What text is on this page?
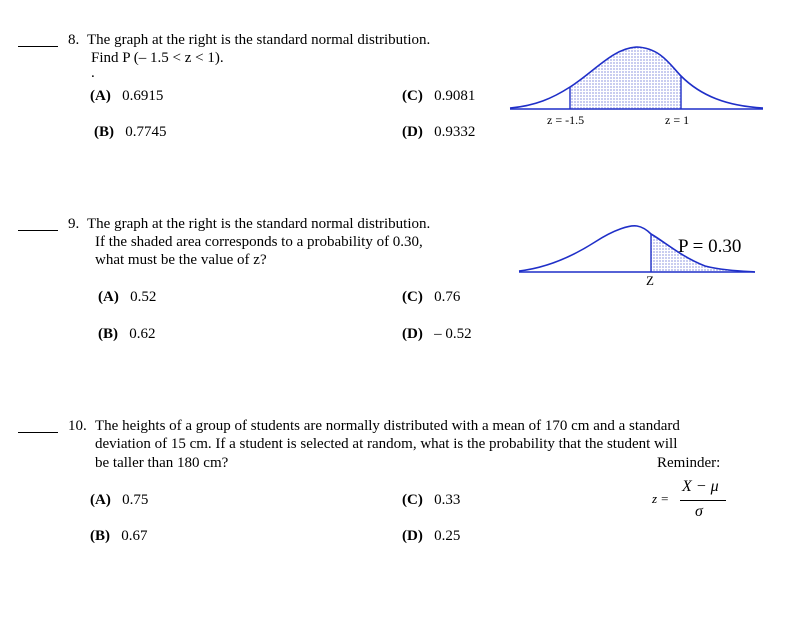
8. The graph at the right is the standard normal distribution.
Find P (– 1.5 < z < 1).
.
(A) 0.6915
(B) 0.7745
(C) 0.9081
(D) 0.9332
z = -1.5	z = 1
9. The graph at the right is the standard normal distribution.
If the shaded area corresponds to a probability of 0.30,
what must be the value of z?
(A) 0.52
(B) 0.62
(C) 0.76
(D) – 0.52
P = 0.30
Z
10. The heights of a group of students are normally distributed with a mean of 170 cm and a standard
deviation of 15 cm. If a student is selected at random, what is the probability that the student will
be taller than 180 cm?	Reminder:
z =
X − μ
σ
(A) 0.75
(B) 0.67
(C) 0.33
(D) 0.25
